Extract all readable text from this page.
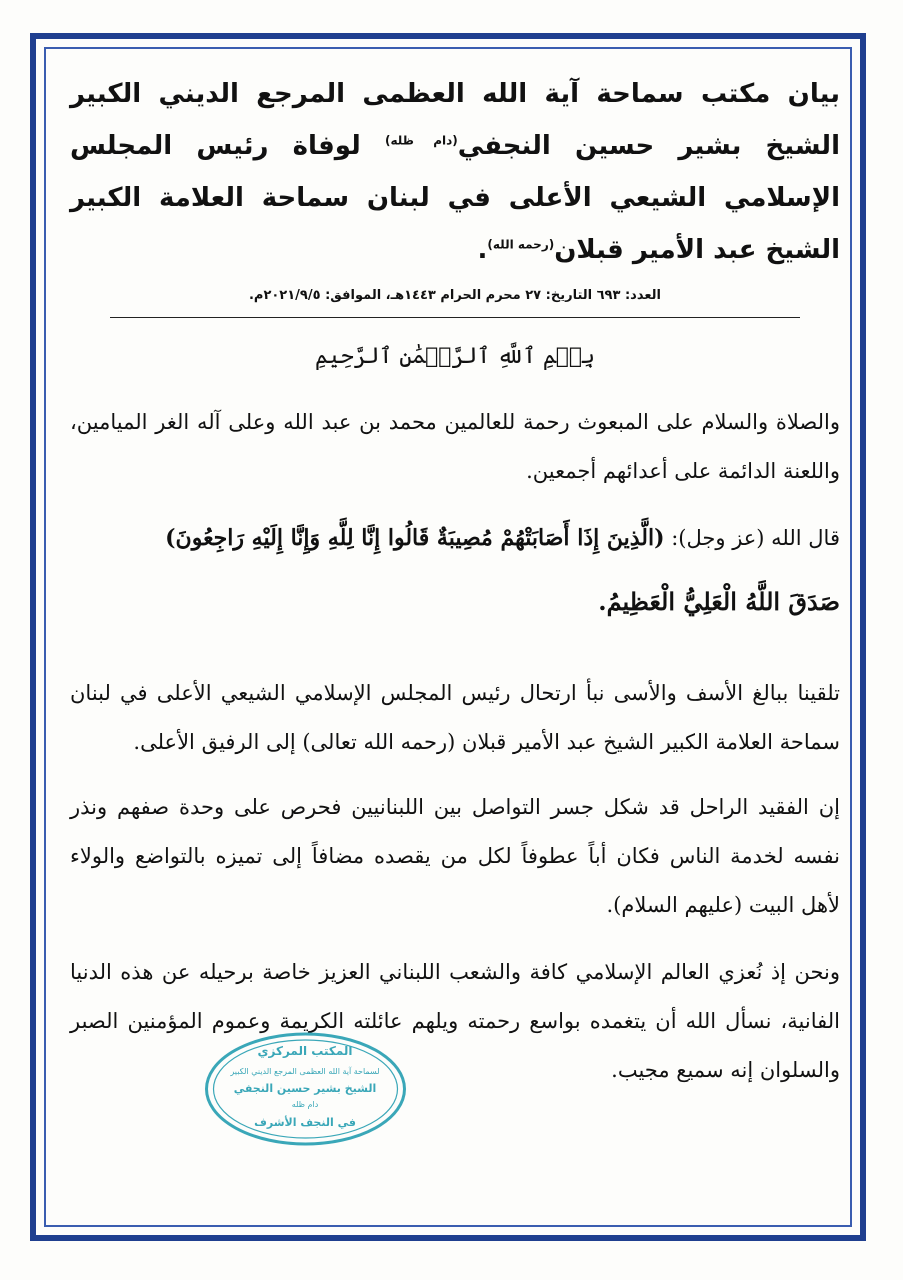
بيان مكتب سماحة آية الله العظمى المرجع الديني الكبير الشيخ بشير حسين النجفي$^{(دام ظله)}$ لوفاة رئيس المجلس الإسلامي الشيعي الأعلى في لبنان سماحة العلامة الكبير الشيخ عبد الأمير قبلان$^{(رحمه الله)}$.

العدد: ٦٩٣ التاريخ: ٢٧ محرم الحرام ١٤٤٣هـ، الموافق: ٢٠٢١/٩/٥م.
بِسۡمِ ٱللَّهِ ٱلرَّحۡمَٰنِ ٱلرَّحِيمِ

والصلاة والسلام على المبعوث رحمة للعالمين محمد بن عبد الله وعلى آله الغر الميامين، واللعنة الدائمة على أعدائهم أجمعين.

قال الله (عز وجل): (الَّذِينَ إِذَا أَصَابَتْهُمْ مُصِيبَةٌ قَالُوا إِنَّا لِلَّهِ وَإِنَّا إِلَيْهِ رَاجِعُونَ)
صَدَقَ اللَّهُ الْعَلِيُّ الْعَظِيمُ.

تلقينا ببالغ الأسف والأسى نبأ ارتحال رئيس المجلس الإسلامي الشيعي الأعلى في لبنان سماحة العلامة الكبير الشيخ عبد الأمير قبلان (رحمه الله تعالى) إلى الرفيق الأعلى.

إن الفقيد الراحل قد شكل جسر التواصل بين اللبنانيين فحرص على وحدة صفهم ونذر نفسه لخدمة الناس فكان أباً عطوفاً لكل من يقصده مضافاً إلى تميزه بالتواضع والولاء لأهل البيت (عليهم السلام).

ونحن إذ نُعزي العالم الإسلامي كافة والشعب اللبناني العزيز خاصة برحيله عن هذه الدنيا الفانية، نسأل الله أن يتغمده بواسع رحمته ويلهم عائلته الكريمة وعموم المؤمنين الصبر والسلوان إنه سميع مجيب.

المكتب المركزي
لسماحة آية الله العظمى المرجع الديني الكبير
الشيخ بشير حسين النجفي
دام ظله
في النجف الأشرف
